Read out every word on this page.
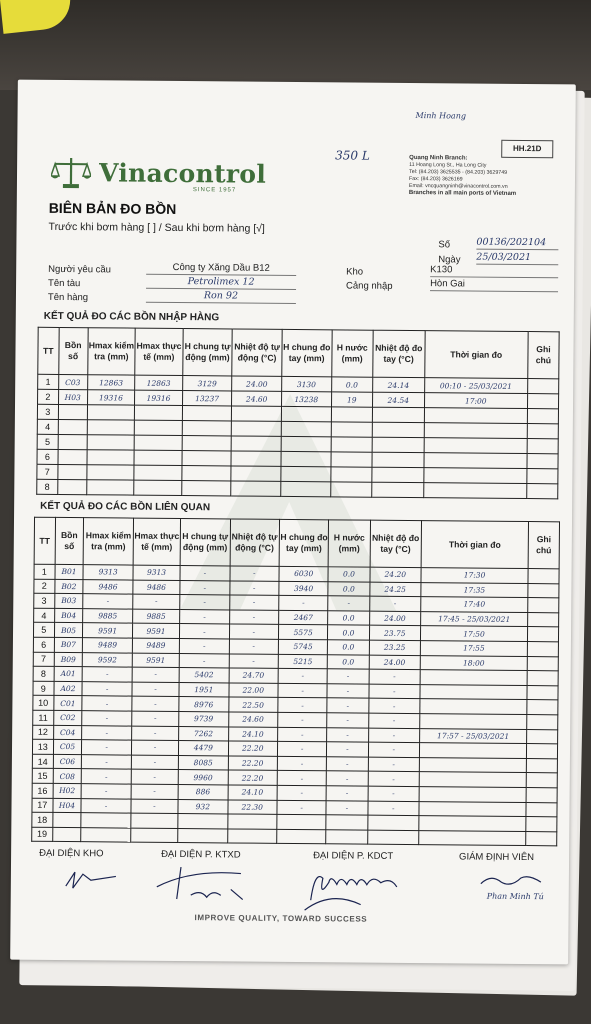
Minh Hoang
HH.21D
350 L
Vinacontrol
SINCE 1957
Quang Ninh Branch:
11 Hoang Long St., Ha Long City
Tel: (84.203) 3625535 - (84.203) 3629749
Fax: (84.203) 3626169
Email: vncquangninh@vinacontrol.com.vn
Branches in all main ports of Vietnam
BIÊN BẢN ĐO BỒN
Trước khi bơm hàng [ ] / Sau khi bơm hàng [√]
Số	00136/202104
Ngày 25/03/2021
Người yêu cầu	Công ty Xăng Dầu B12	Kho	K130
Tên tàu	Petrolimex 12	Cảng nhập	Hòn Gai
Tên hàng	Ron 92
KẾT QUẢ ĐO CÁC BỒN NHẬP HÀNG
TT	Bồn số	Hmax kiểm tra (mm)	Hmax thực tế (mm)	H chung tự động (mm)	Nhiệt độ tự động (°C)	H chung đo tay (mm)	H nước (mm)	Nhiệt độ đo tay (°C)	Thời gian đo	Ghi chú
1	C03	12863	12863	3129	24.00	3130	0.0	24.14	00:10 - 25/03/2021	
2	H03	19316	19316	13237	24.60	13238	19	24.54	17:00	
3										
4										
5										
6										
7										
8										
KẾT QUẢ ĐO CÁC BỒN LIÊN QUAN
TT	Bồn số	Hmax kiểm tra (mm)	Hmax thực tế (mm)	H chung tự động (mm)	Nhiệt độ tự động (°C)	H chung đo tay (mm)	H nước (mm)	Nhiệt độ đo tay (°C)	Thời gian đo	Ghi chú
1	B01	9313	9313	-	-	6030	0.0	24.20	17:30	
2	B02	9486	9486	-	-	3940	0.0	24.25	17:35	
3	B03	-	-	-	-	-	-	-	17:40	
4	B04	9885	9885	-	-	2467	0.0	24.00	17:45 - 25/03/2021	
5	B05	9591	9591	-	-	5575	0.0	23.75	17:50	
6	B07	9489	9489	-	-	5745	0.0	23.25	17:55	
7	B09	9592	9591	-	-	5215	0.0	24.00	18:00	
8	A01	-	-	5402	24.70	-	-	-		
9	A02	-	-	1951	22.00	-	-	-		
10	C01	-	-	8976	22.50	-	-	-		
11	C02	-	-	9739	24.60	-	-	-		
12	C04	-	-	7262	24.10	-	-	-	17:57 - 25/03/2021	
13	C05	-	-	4479	22.20	-	-	-		
14	C06	-	-	8085	22.20	-	-	-		
15	C08	-	-	9960	22.20	-	-	-		
16	H02	-	-	886	24.10	-	-	-		
17	H04	-	-	932	22.30	-	-	-		
18										
19										
ĐẠI DIỆN KHO	ĐẠI DIỆN P. KTXD	ĐẠI DIỆN P. KDCT	GIÁM ĐỊNH VIÊN
Phan Minh Tú
IMPROVE QUALITY, TOWARD SUCCESS
